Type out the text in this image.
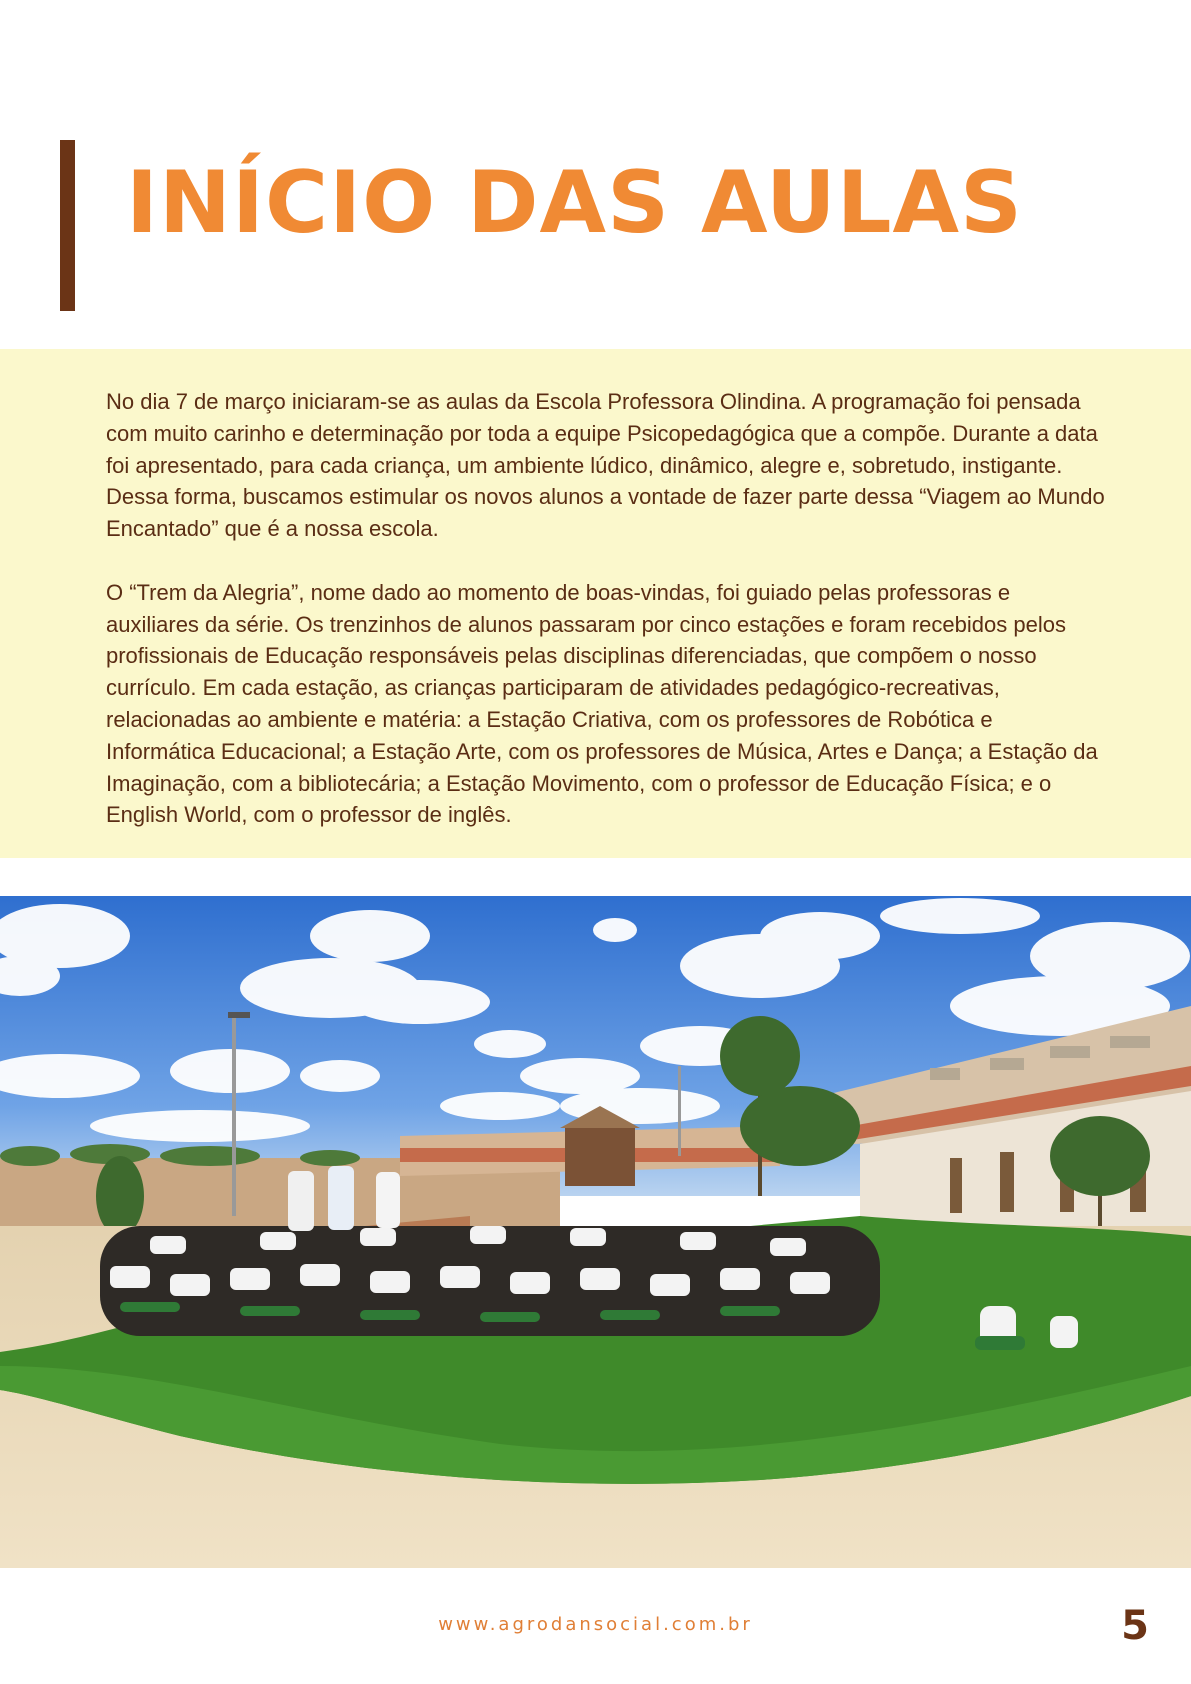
INÍCIO DAS AULAS

No dia 7 de março iniciaram-se as aulas da Escola Professora Olindina. A programação foi pensada com muito carinho e determinação por toda a equipe Psicopedagógica que a compõe. Durante a data foi apresentado, para cada criança, um ambiente lúdico, dinâmico, alegre e, sobretudo, instigante. Dessa forma, buscamos estimular os novos alunos a vontade de fazer parte dessa “Viagem ao Mundo Encantado” que é a nossa escola.

O “Trem da Alegria”, nome dado ao momento de boas-vindas, foi guiado pelas professoras e auxiliares da série. Os trenzinhos de alunos passaram por cinco estações e foram recebidos pelos profissionais de Educação responsáveis pelas disciplinas diferenciadas, que compõem o nosso currículo. Em cada estação, as crianças participaram de atividades pedagógico-recreativas, relacionadas ao ambiente e matéria: a Estação Criativa, com os professores de Robótica e Informática Educacional; a Estação Arte, com os professores de Música, Artes e Dança; a Estação da Imaginação, com a bibliotecária; a Estação Movimento, com o professor de Educação Física; e o English World, com o professor de inglês.

www.agrodansocial.com.br	5
